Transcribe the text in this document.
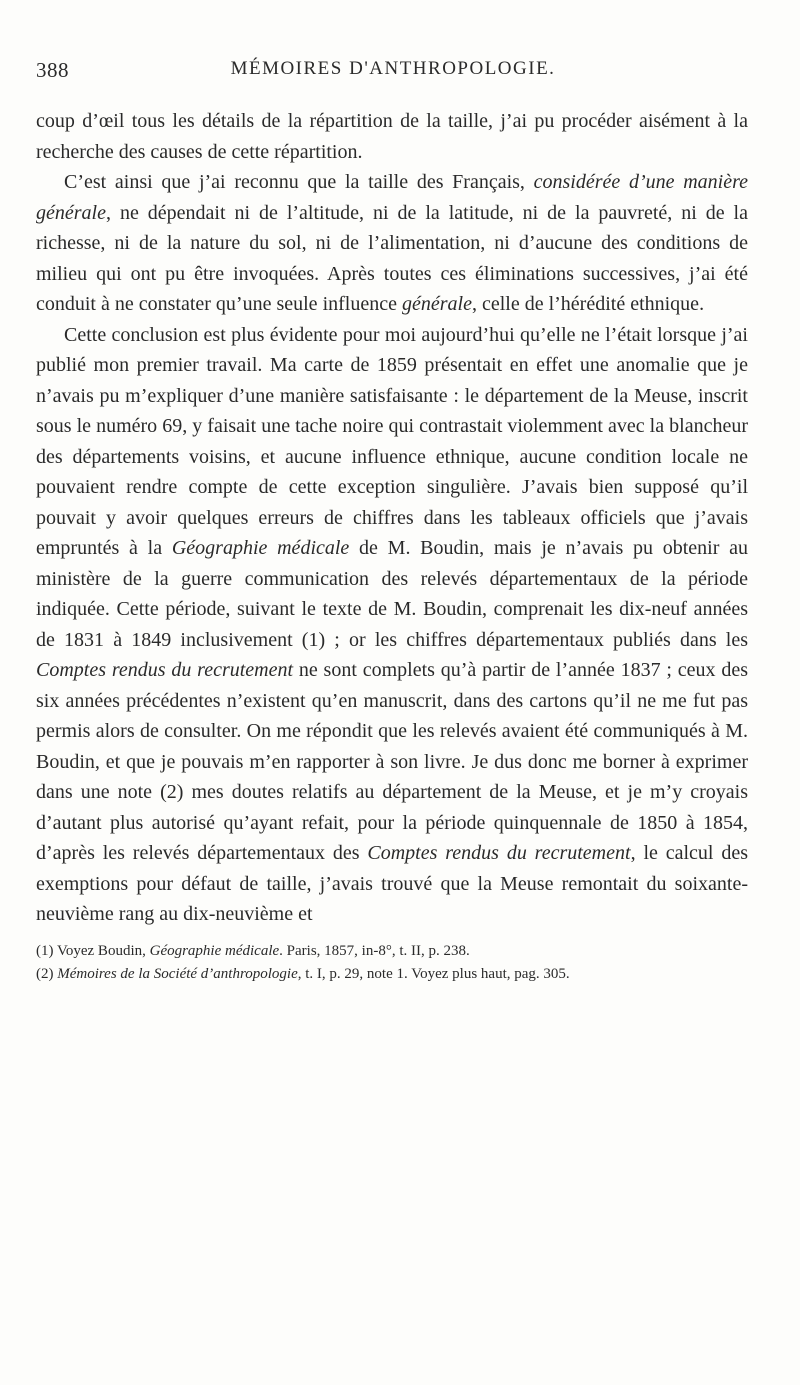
388	MÉMOIRES D'ANTHROPOLOGIE.

coup d’œil tous les détails de la répartition de la taille, j’ai pu procéder aisément à la recherche des causes de cette répartition.

C’est ainsi que j’ai reconnu que la taille des Français, considérée d’une manière générale, ne dépendait ni de l’altitude, ni de la latitude, ni de la pauvreté, ni de la richesse, ni de la nature du sol, ni de l’alimentation, ni d’aucune des conditions de milieu qui ont pu être invoquées. Après toutes ces éliminations successives, j’ai été conduit à ne constater qu’une seule influence générale, celle de l’hérédité ethnique.

Cette conclusion est plus évidente pour moi aujourd’hui qu’elle ne l’était lorsque j’ai publié mon premier travail. Ma carte de 1859 présentait en effet une anomalie que je n’avais pu m’expliquer d’une manière satisfaisante : le département de la Meuse, inscrit sous le numéro 69, y faisait une tache noire qui contrastait violemment avec la blancheur des départements voisins, et aucune influence ethnique, aucune condition locale ne pouvaient rendre compte de cette exception singulière. J’avais bien supposé qu’il pouvait y avoir quelques erreurs de chiffres dans les tableaux officiels que j’avais empruntés à la Géographie médicale de M. Boudin, mais je n’avais pu obtenir au ministère de la guerre communication des relevés départementaux de la période indiquée. Cette période, suivant le texte de M. Boudin, comprenait les dix-neuf années de 1831 à 1849 inclusivement (1) ; or les chiffres départementaux publiés dans les Comptes rendus du recrutement ne sont complets qu’à partir de l’année 1837 ; ceux des six années précédentes n’existent qu’en manuscrit, dans des cartons qu’il ne me fut pas permis alors de consulter. On me répondit que les relevés avaient été communiqués à M. Boudin, et que je pouvais m’en rapporter à son livre. Je dus donc me borner à exprimer dans une note (2) mes doutes relatifs au département de la Meuse, et je m’y croyais d’autant plus autorisé qu’ayant refait, pour la période quinquennale de 1850 à 1854, d’après les relevés départementaux des Comptes rendus du recrutement, le calcul des exemptions pour défaut de taille, j’avais trouvé que la Meuse remontait du soixante-neuvième rang au dix-neuvième et

(1) Voyez Boudin, Géographie médicale. Paris, 1857, in-8°, t. II, p. 238.

(2) Mémoires de la Société d’anthropologie, t. I, p. 29, note 1. Voyez plus haut, pag. 305.
